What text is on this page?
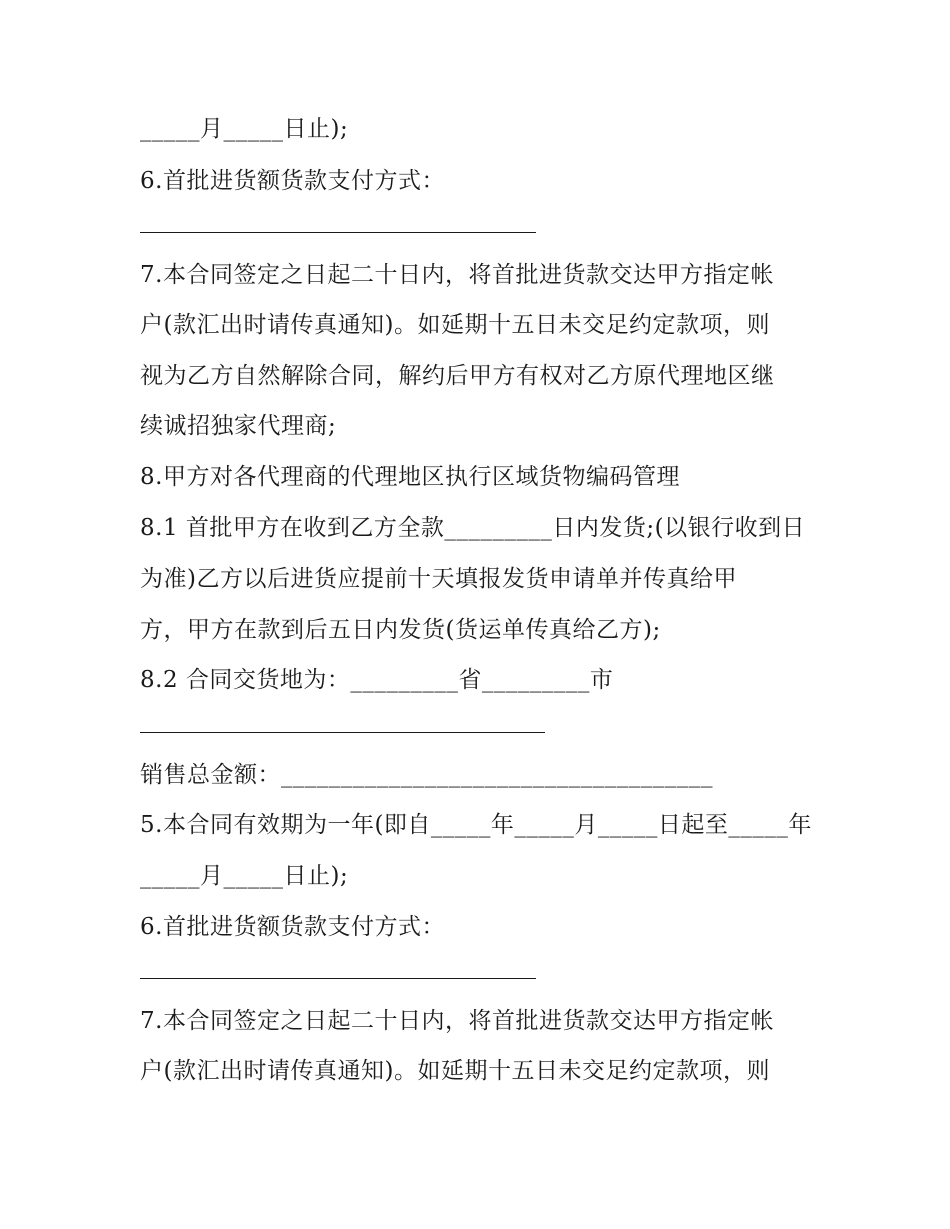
_____月_____日止);
6.首批进货额货款支付方式：
7.本合同签定之日起二十日内，将首批进货款交达甲方指定帐
户(款汇出时请传真通知)。如延期十五日未交足约定款项，则
视为乙方自然解除合同，解约后甲方有权对乙方原代理地区继
续诚招独家代理商;
8.甲方对各代理商的代理地区执行区域货物编码管理
8.1 首批甲方在收到乙方全款_________日内发货;(以银行收到日
为准)乙方以后进货应提前十天填报发货申请单并传真给甲
方，甲方在款到后五日内发货(货运单传真给乙方);
8.2 合同交货地为：_________省_________市
销售总金额：____________________________________
5.本合同有效期为一年(即自_____年_____月_____日起至_____年
_____月_____日止);
6.首批进货额货款支付方式：
7.本合同签定之日起二十日内，将首批进货款交达甲方指定帐
户(款汇出时请传真通知)。如延期十五日未交足约定款项，则
